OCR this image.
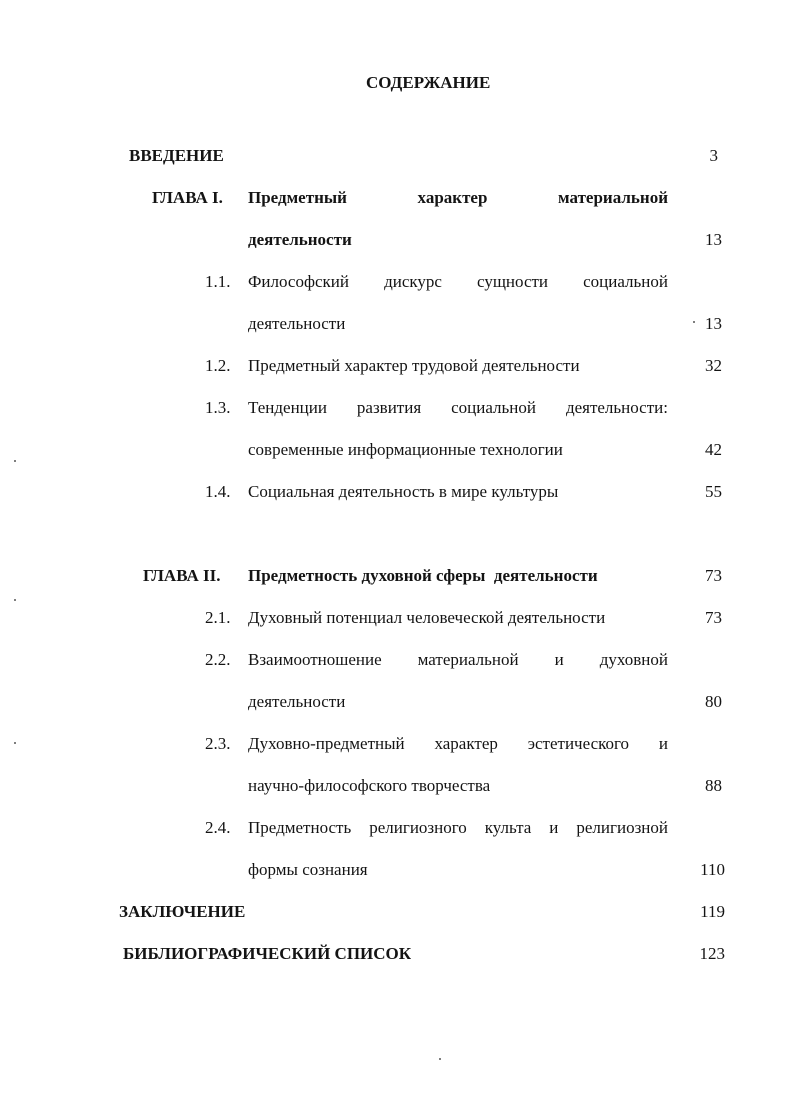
СОДЕРЖАНИЕ
ВВЕДЕНИЕ	3
ГЛАВА I. Предметный	характер	материальной
деятельности	13
1.1. Философский дискурс сущности социальной
деятельности	13
1.2. Предметный характер трудовой деятельности	32
1.3. Тенденции развития социальной деятельности:
современные информационные технологии	42
1.4. Социальная деятельность в мире культуры	55
ГЛАВА II. Предметность духовной сферы  деятельности	73
2.1. Духовный потенциал человеческой деятельности	73
2.2. Взаимоотношение материальной и духовной
деятельности	80
2.3. Духовно-предметный характер эстетического и
научно-философского творчества	88
2.4. Предметность религиозного культа и религиозной
формы сознания	110
ЗАКЛЮЧЕНИЕ	119
БИБЛИОГРАФИЧЕСКИЙ СПИСОК	123
